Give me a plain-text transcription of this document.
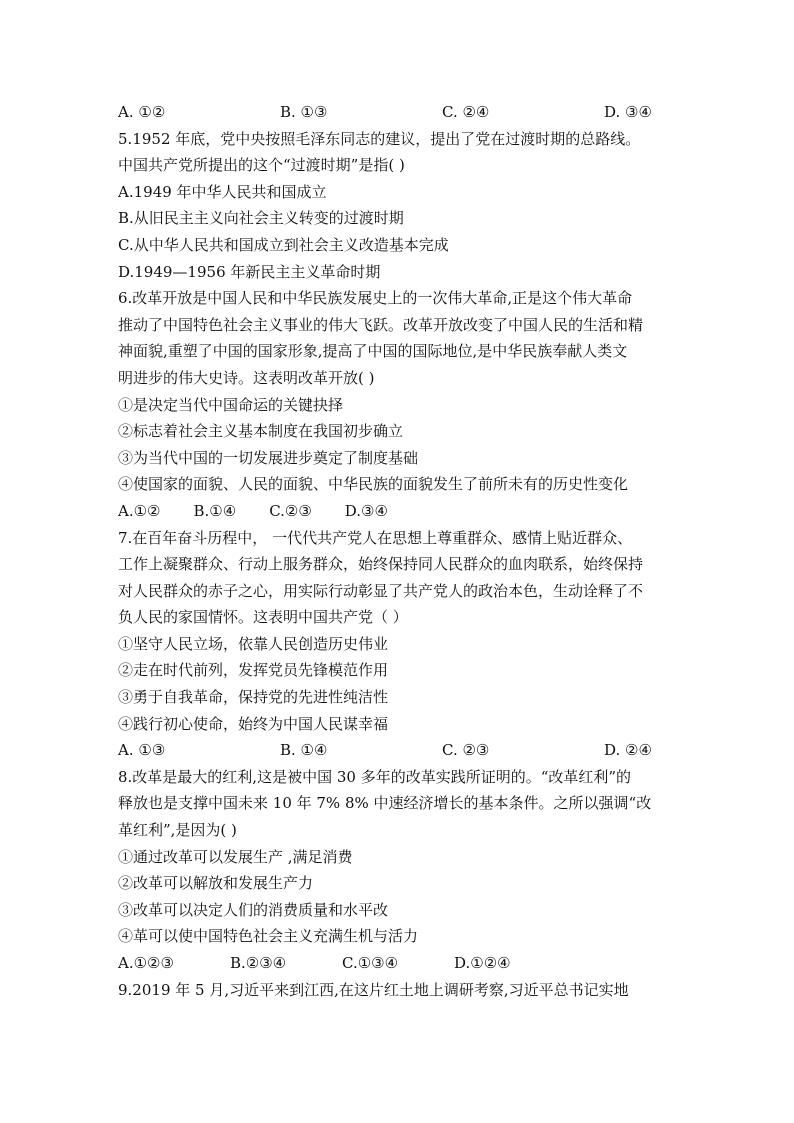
A. ①②	B. ①③	C. ②④	D. ③④
5.1952 年底，党中央按照毛泽东同志的建议，提出了党在过渡时期的总路线。
中国共产党所提出的这个“过渡时期”是指( )
A.1949 年中华人民共和国成立
B.从旧民主主义向社会主义转变的过渡时期
C.从中华人民共和国成立到社会主义改造基本完成
D.1949—1956 年新民主主义革命时期
6.改革开放是中国人民和中华民族发展史上的一次伟大革命,正是这个伟大革命
推动了中国特色社会主义事业的伟大飞跃。改革开放改变了中国人民的生活和精
神面貌,重塑了中国的国家形象,提高了中国的国际地位,是中华民族奉献人类文
明进步的伟大史诗。这表明改革开放( )
①是决定当代中国命运的关键抉择
②标志着社会主义基本制度在我国初步确立
③为当代中国的一切发展进步奠定了制度基础
④使国家的面貌、人民的面貌、中华民族的面貌发生了前所未有的历史性变化
A.①② B.①④ C.②③ D.③④
7.在百年奋斗历程中， 一代代共产党人在思想上尊重群众、感情上贴近群众、
工作上凝聚群众、行动上服务群众，始终保持同人民群众的血肉联系，始终保持
对人民群众的赤子之心，用实际行动彰显了共产党人的政治本色，生动诠释了不
负人民的家国情怀。这表明中国共产党（ ）
①坚守人民立场，依靠人民创造历史伟业
②走在时代前列，发挥党员先锋模范作用
③勇于自我革命，保持党的先进性纯洁性
④践行初心使命，始终为中国人民谋幸福
A. ①③	B. ①④	C. ②③	D. ②④
8.改革是最大的红利,这是被中国 30 多年的改革实践所证明的。“改革红利”的
释放也是支撑中国未来 10 年 7% 8% 中速经济增长的基本条件。之所以强调“改
革红利”,是因为( )
①通过改革可以发展生产 ,满足消费
②改革可以解放和发展生产力
③改革可以决定人们的消费质量和水平改
④革可以使中国特色社会主义充满生机与活力
A.①②③	B.②③④	C.①③④	D.①②④
9.2019 年 5 月,习近平来到江西,在这片红土地上调研考察,习近平总书记实地
